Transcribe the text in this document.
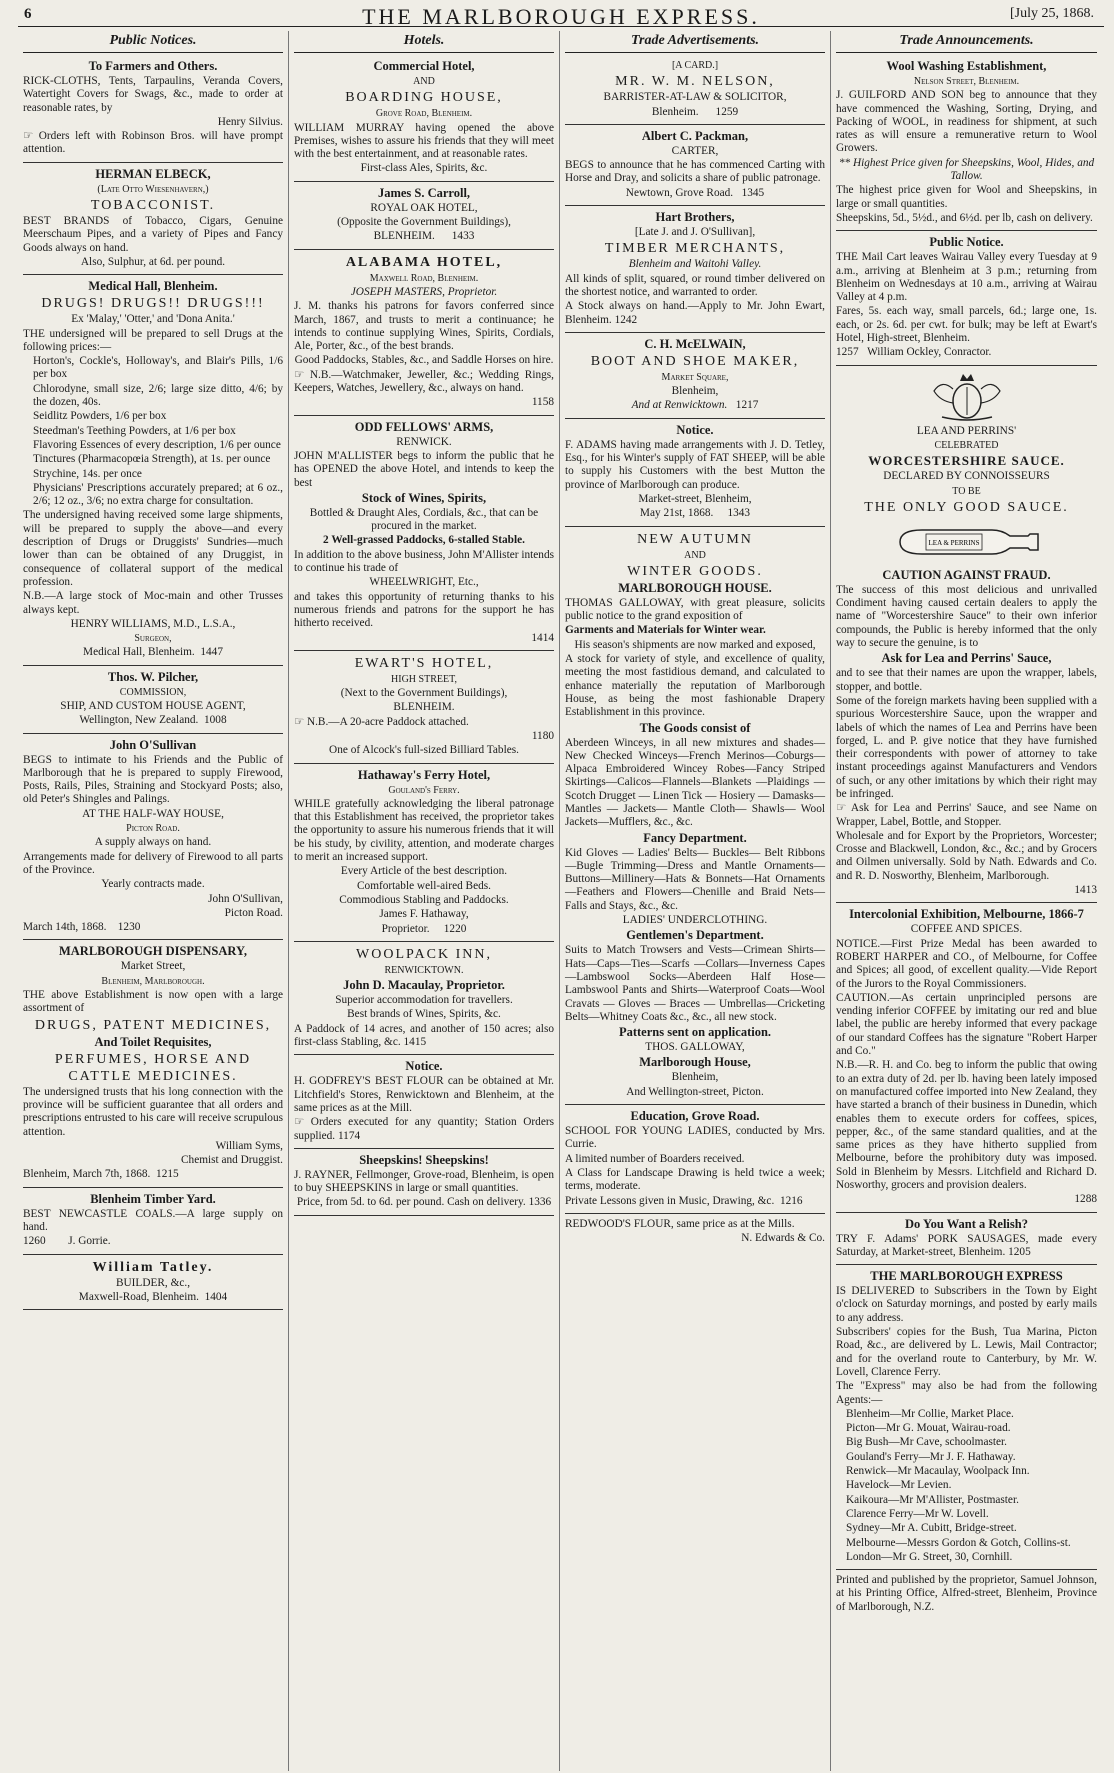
6	THE MARLBOROUGH EXPRESS.	[July 25, 1868.
Public Notices.

To Farmers and Others.

RICK-CLOTHS, Tents, Tarpaulins, Veranda Covers, Watertight Covers for Swags, &c., made to order at reasonable rates, by

Henry Silvius.

☞ Orders left with Robinson Bros. will have prompt attention.

HERMAN ELBECK,

(Late Otto Wiesenhavern,)

TOBACCONIST.

BEST BRANDS of Tobacco, Cigars, Genuine Meerschaum Pipes, and a variety of Pipes and Fancy Goods always on hand.

Also, Sulphur, at 6d. per pound.

Medical Hall, Blenheim.

DRUGS! DRUGS!! DRUGS!!!

Ex 'Malay,' 'Otter,' and 'Dona Anita.'

THE undersigned will be prepared to sell Drugs at the following prices:—

Horton's, Cockle's, Holloway's, and Blair's Pills, 1/6 per box

Chlorodyne, small size, 2/6; large size ditto, 4/6; by the dozen, 40s.

Seidlitz Powders, 1/6 per box

Steedman's Teething Powders, at 1/6 per box

Flavoring Essences of every description, 1/6 per ounce

Tinctures (Pharmacopœia Strength), at 1s. per ounce

Strychine, 14s. per once

Physicians' Prescriptions accurately prepared; at 6 oz., 2/6; 12 oz., 3/6; no extra charge for consultation.

The undersigned having received some large shipments, will be prepared to supply the above—and every description of Drugs or Druggists' Sundries—much lower than can be obtained of any Druggist, in consequence of collateral support of the medical profession.

N.B.—A large stock of Moc-main and other Trusses always kept.

HENRY WILLIAMS, M.D., L.S.A.,

Surgeon,

Medical Hall, Blenheim. 1447

Thos. W. Pilcher,

COMMISSION,

SHIP, AND CUSTOM HOUSE AGENT,

Wellington, New Zealand. 1008

John O'Sullivan

BEGS to intimate to his Friends and the Public of Marlborough that he is prepared to supply Firewood, Posts, Rails, Piles, Straining and Stockyard Posts; also, old Peter's Shingles and Palings.

AT THE HALF-WAY HOUSE,

Picton Road.

A supply always on hand.

Arrangements made for delivery of Firewood to all parts of the Province.

Yearly contracts made.

John O'Sullivan,

Picton Road.

March 14th, 1868. 1230

MARLBOROUGH DISPENSARY,

Market Street,

Blenheim, Marlborough.

THE above Establishment is now open with a large assortment of

DRUGS, PATENT MEDICINES,

And Toilet Requisites,

PERFUMES, HORSE AND CATTLE MEDICINES.

The undersigned trusts that his long connection with the province will be sufficient guarantee that all orders and prescriptions entrusted to his care will receive scrupulous attention.

William Syms,

Chemist and Druggist.

Blenheim, March 7th, 1868. 1215

Blenheim Timber Yard.

BEST NEWCASTLE COALS.—A large supply on hand.

1260 J. Gorrie.

William Tatley.

BUILDER, &c.,

Maxwell-Road, Blenheim. 1404

Hotels.

Commercial Hotel,

AND

BOARDING HOUSE,

Grove Road, Blenheim.

WILLIAM MURRAY having opened the above Premises, wishes to assure his friends that they will meet with the best entertainment, and at reasonable rates.

First-class Ales, Spirits, &c.

James S. Carroll,

ROYAL OAK HOTEL,

(Opposite the Government Buildings),

BLENHEIM. 1433

ALABAMA HOTEL,

Maxwell Road, Blenheim.

JOSEPH MASTERS, Proprietor.

J. M. thanks his patrons for favors conferred since March, 1867, and trusts to merit a continuance; he intends to continue supplying Wines, Spirits, Cordials, Ale, Porter, &c., of the best brands.

Good Paddocks, Stables, &c., and Saddle Horses on hire.

☞ N.B.—Watchmaker, Jeweller, &c.; Wedding Rings, Keepers, Watches, Jewellery, &c., always on hand.

1158

ODD FELLOWS' ARMS,

RENWICK.

JOHN M'ALLISTER begs to inform the public that he has OPENED the above Hotel, and intends to keep the best

Stock of Wines, Spirits,

Bottled & Draught Ales, Cordials, &c., that can be procured in the market.

2 Well-grassed Paddocks, 6-stalled Stable.

In addition to the above business, John M'Allister intends to continue his trade of

WHEELWRIGHT, Etc.,

and takes this opportunity of returning thanks to his numerous friends and patrons for the support he has hitherto received.

1414

EWART'S HOTEL,

HIGH STREET,

(Next to the Government Buildings),

BLENHEIM.

☞ N.B.—A 20-acre Paddock attached.

1180

One of Alcock's full-sized Billiard Tables.

Hathaway's Ferry Hotel,

Gouland's Ferry.

WHILE gratefully acknowledging the liberal patronage that this Establishment has received, the proprietor takes the opportunity to assure his numerous friends that it will be his study, by civility, attention, and moderate charges to merit an increased support.

Every Article of the best description.

Comfortable well-aired Beds.

Commodious Stabling and Paddocks.

James F. Hathaway,

Proprietor. 1220

WOOLPACK INN,

RENWICKTOWN.

John D. Macaulay, Proprietor.

Superior accommodation for travellers.

Best brands of Wines, Spirits, &c.

A Paddock of 14 acres, and another of 150 acres; also first-class Stabling, &c. 1415

Notice.

H. GODFREY'S BEST FLOUR can be obtained at Mr. Litchfield's Stores, Renwicktown and Blenheim, at the same prices as at the Mill.

☞ Orders executed for any quantity; Station Orders supplied. 1174

Sheepskins! Sheepskins!

J. RAYNER, Fellmonger, Grove-road, Blenheim, is open to buy SHEEPSKINS in large or small quantities.

Price, from 5d. to 6d. per pound. Cash on delivery. 1336

Trade Advertisements.

[A CARD.]

MR. W. M. NELSON,

BARRISTER-AT-LAW & SOLICITOR,

Blenheim. 1259

Albert C. Packman,

CARTER,

BEGS to announce that he has commenced Carting with Horse and Dray, and solicits a share of public patronage.

Newtown, Grove Road. 1345

Hart Brothers,

[Late J. and J. O'Sullivan],

TIMBER MERCHANTS,

Blenheim and Waitohi Valley.

All kinds of split, squared, or round timber delivered on the shortest notice, and warranted to order.

A Stock always on hand.—Apply to Mr. John Ewart, Blenheim. 1242

C. H. McELWAIN,

BOOT AND SHOE MAKER,

Market Square,

Blenheim,

And at Renwicktown. 1217

Notice.

F. ADAMS having made arrangements with J. D. Tetley, Esq., for his Winter's supply of FAT SHEEP, will be able to supply his Customers with the best Mutton the province of Marlborough can produce.

Market-street, Blenheim,

May 21st, 1868. 1343

NEW AUTUMN

AND

WINTER GOODS.

MARLBOROUGH HOUSE.

THOMAS GALLOWAY, with great pleasure, solicits public notice to the grand exposition of

Garments and Materials for Winter wear.

His season's shipments are now marked and exposed,

A stock for variety of style, and excellence of quality, meeting the most fastidious demand, and calculated to enhance materially the reputation of Marlborough House, as being the most fashionable Drapery Establishment in this province.

The Goods consist of

Aberdeen Winceys, in all new mixtures and shades—New Checked Winceys—French Merinos—Coburgs—Alpaca Embroidered Wincey Robes—Fancy Striped Skirtings—Calicos—Flannels—Blankets —Plaidings — Scotch Drugget — Linen Tick — Hosiery — Damasks—Mantles — Jackets— Mantle Cloth— Shawls— Wool Jackets—Mufflers, &c., &c.

Fancy Department.

Kid Gloves — Ladies' Belts— Buckles— Belt Ribbons—Bugle Trimming—Dress and Mantle Ornaments—Buttons—Millinery—Hats & Bonnets—Hat Ornaments —Feathers and Flowers—Chenille and Braid Nets—Falls and Stays, &c., &c.

LADIES' UNDERCLOTHING.

Gentlemen's Department.

Suits to Match Trowsers and Vests—Crimean Shirts—Hats—Caps—Ties—Scarfs —Collars—Inverness Capes—Lambswool Socks—Aberdeen Half Hose—Lambswool Pants and Shirts—Waterproof Coats—Wool Cravats — Gloves — Braces — Umbrellas—Cricketing Belts—Whitney Coats &c., &c., all new stock.

Patterns sent on application.

THOS. GALLOWAY,

Marlborough House,

Blenheim,

And Wellington-street, Picton.

Education, Grove Road.

SCHOOL FOR YOUNG LADIES, conducted by Mrs. Currie.

A limited number of Boarders received.

A Class for Landscape Drawing is held twice a week; terms, moderate.

Private Lessons given in Music, Drawing, &c. 1216

REDWOOD'S FLOUR, same price as at the Mills.

N. Edwards & Co.

Trade Announcements.

Wool Washing Establishment,

Nelson Street, Blenheim.

J. GUILFORD AND SON beg to announce that they have commenced the Washing, Sorting, Drying, and Packing of WOOL, in readiness for shipment, at such rates as will ensure a remunerative return to Wool Growers.

** Highest Price given for Sheepskins, Wool, Hides, and Tallow.

The highest price given for Wool and Sheepskins, in large or small quantities.

Sheepskins, 5d., 5½d., and 6½d. per lb, cash on delivery.

Public Notice.

THE Mail Cart leaves Wairau Valley every Tuesday at 9 a.m., arriving at Blenheim at 3 p.m.; returning from Blenheim on Wednesdays at 10 a.m., arriving at Wairau Valley at 4 p.m.

Fares, 5s. each way, small parcels, 6d.; large one, 1s. each, or 2s. 6d. per cwt. for bulk; may be left at Ewart's Hotel, High-street, Blenheim.

1257 William Ockley, Conractor.

LEA AND PERRINS'

CELEBRATED

WORCESTERSHIRE SAUCE.

DECLARED BY CONNOISSEURS

TO BE

THE ONLY GOOD SAUCE.

LEA & PERRINS

CAUTION AGAINST FRAUD.

The success of this most delicious and unrivalled Condiment having caused certain dealers to apply the name of "Worcestershire Sauce" to their own inferior compounds, the Public is hereby informed that the only way to secure the genuine, is to

Ask for Lea and Perrins' Sauce,

and to see that their names are upon the wrapper, labels, stopper, and bottle.

Some of the foreign markets having been supplied with a spurious Worcestershire Sauce, upon the wrapper and labels of which the names of Lea and Perrins have been forged, L. and P. give notice that they have furnished their correspondents with power of attorney to take instant proceedings against Manufacturers and Vendors of such, or any other imitations by which their right may be infringed.

☞ Ask for Lea and Perrins' Sauce, and see Name on Wrapper, Label, Bottle, and Stopper.

Wholesale and for Export by the Proprietors, Worcester; Crosse and Blackwell, London, &c., &c.; and by Grocers and Oilmen universally. Sold by Nath. Edwards and Co. and R. D. Nosworthy, Blenheim, Marlborough.

1413

Intercolonial Exhibition, Melbourne, 1866-7

COFFEE AND SPICES.

NOTICE.—First Prize Medal has been awarded to ROBERT HARPER and CO., of Melbourne, for Coffee and Spices; all good, of excellent quality.—Vide Report of the Jurors to the Royal Commissioners.

CAUTION.—As certain unprincipled persons are vending inferior COFFEE by imitating our red and blue label, the public are hereby informed that every package of our standard Coffees has the signature "Robert Harper and Co."

N.B.—R. H. and Co. beg to inform the public that owing to an extra duty of 2d. per lb. having been lately imposed on manufactured coffee imported into New Zealand, they have started a branch of their business in Dunedin, which enables them to execute orders for coffees, spices, pepper, &c., of the same standard qualities, and at the same prices as they have hitherto supplied from Melbourne, before the prohibitory duty was imposed. Sold in Blenheim by Messrs. Litchfield and Richard D. Nosworthy, grocers and provision dealers.

1288

Do You Want a Relish?

TRY F. Adams' PORK SAUSAGES, made every Saturday, at Market-street, Blenheim. 1205

THE MARLBOROUGH EXPRESS

IS DELIVERED to Subscribers in the Town by Eight o'clock on Saturday mornings, and posted by early mails to any address.

Subscribers' copies for the Bush, Tua Marina, Picton Road, &c., are delivered by L. Lewis, Mail Contractor; and for the overland route to Canterbury, by Mr. W. Lovell, Clarence Ferry.

The "Express" may also be had from the following Agents:—

Blenheim—Mr Collie, Market Place.

Picton—Mr G. Mouat, Wairau-road.

Big Bush—Mr Cave, schoolmaster.

Gouland's Ferry—Mr J. F. Hathaway.

Renwick—Mr Macaulay, Woolpack Inn.

Havelock—Mr Levien.

Kaikoura—Mr M'Allister, Postmaster.

Clarence Ferry—Mr W. Lovell.

Sydney—Mr A. Cubitt, Bridge-street.

Melbourne—Messrs Gordon & Gotch, Collins-st.

London—Mr G. Street, 30, Cornhill.

Printed and published by the proprietor, Samuel Johnson, at his Printing Office, Alfred-street, Blenheim, Province of Marlborough, N.Z.
